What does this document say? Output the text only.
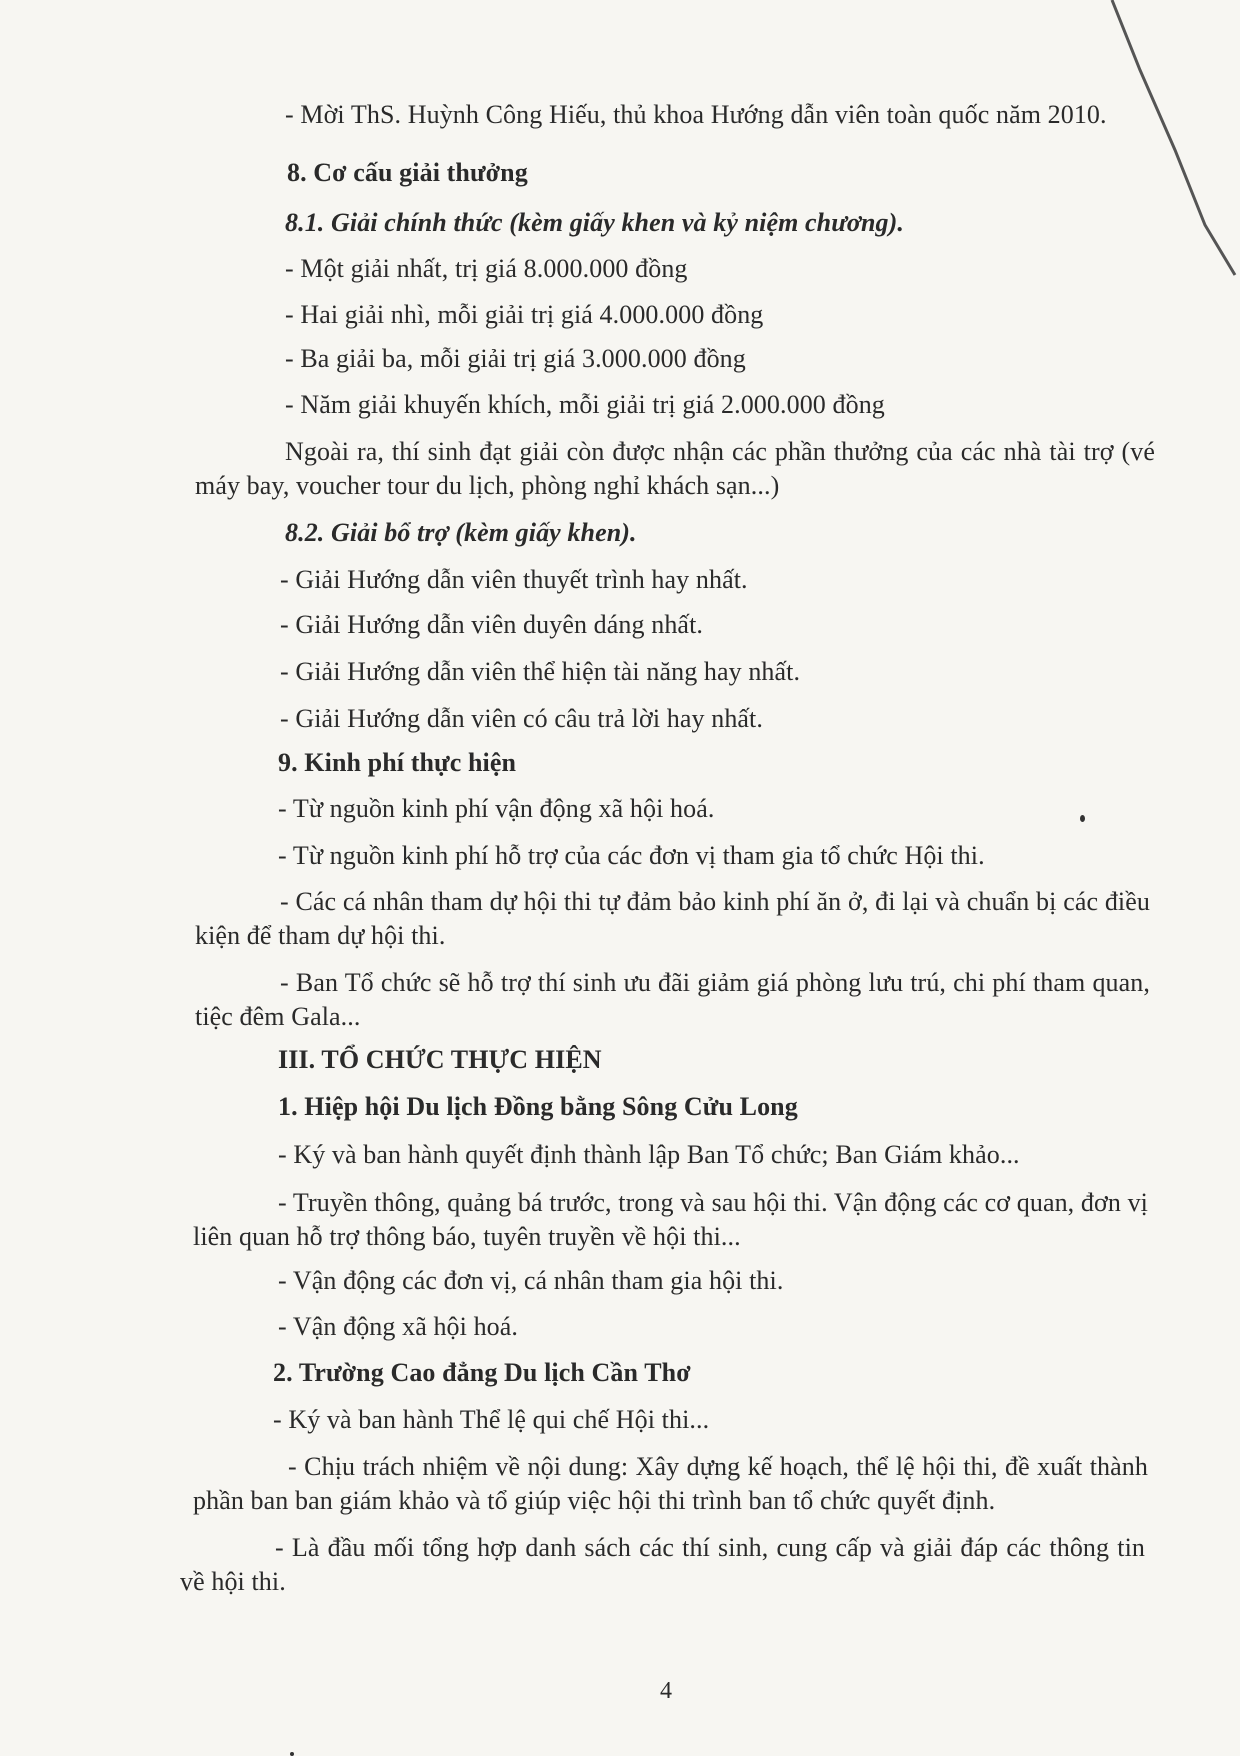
- Mời ThS. Huỳnh Công Hiếu, thủ khoa Hướng dẫn viên toàn quốc năm 2010.
8. Cơ cấu giải thưởng
8.1. Giải chính thức (kèm giấy khen và kỷ niệm chương).
- Một giải nhất, trị giá 8.000.000 đồng
- Hai giải nhì, mỗi giải trị giá 4.000.000 đồng
- Ba giải ba, mỗi giải trị giá 3.000.000 đồng
- Năm giải khuyến khích, mỗi giải trị giá 2.000.000 đồng
Ngoài ra, thí sinh đạt giải còn được nhận các phần thưởng của các nhà tài trợ (vé máy bay, voucher tour du lịch, phòng nghỉ khách sạn...)
8.2. Giải bổ trợ (kèm giấy khen).
- Giải Hướng dẫn viên thuyết trình hay nhất.
- Giải Hướng dẫn viên duyên dáng nhất.
- Giải Hướng dẫn viên thể hiện tài năng hay nhất.
- Giải Hướng dẫn viên có câu trả lời hay nhất.
9. Kinh phí thực hiện
- Từ nguồn kinh phí vận động xã hội hoá.
- Từ nguồn kinh phí hỗ trợ của các đơn vị tham gia tổ chức Hội thi.
- Các cá nhân tham dự hội thi tự đảm bảo kinh phí ăn ở, đi lại và chuẩn bị các điều kiện để tham dự hội thi.
- Ban Tổ chức sẽ hỗ trợ thí sinh ưu đãi giảm giá phòng lưu trú, chi phí tham quan, tiệc đêm Gala...
III. TỔ CHỨC THỰC HIỆN
1. Hiệp hội Du lịch Đồng bằng Sông Cửu Long
- Ký và ban hành quyết định thành lập Ban Tổ chức; Ban Giám khảo...
- Truyền thông, quảng bá trước, trong và sau hội thi. Vận động các cơ quan, đơn vị liên quan hỗ trợ thông báo, tuyên truyền về hội thi...
- Vận động các đơn vị, cá nhân tham gia hội thi.
- Vận động xã hội hoá.
2. Trường Cao đẳng Du lịch Cần Thơ
- Ký và ban hành Thể lệ qui chế Hội thi...
- Chịu trách nhiệm về nội dung: Xây dựng kế hoạch, thể lệ hội thi, đề xuất thành phần ban ban giám khảo và tổ giúp việc hội thi trình ban tổ chức quyết định.
- Là đầu mối tổng hợp danh sách các thí sinh, cung cấp và giải đáp các thông tin về hội thi.
4
